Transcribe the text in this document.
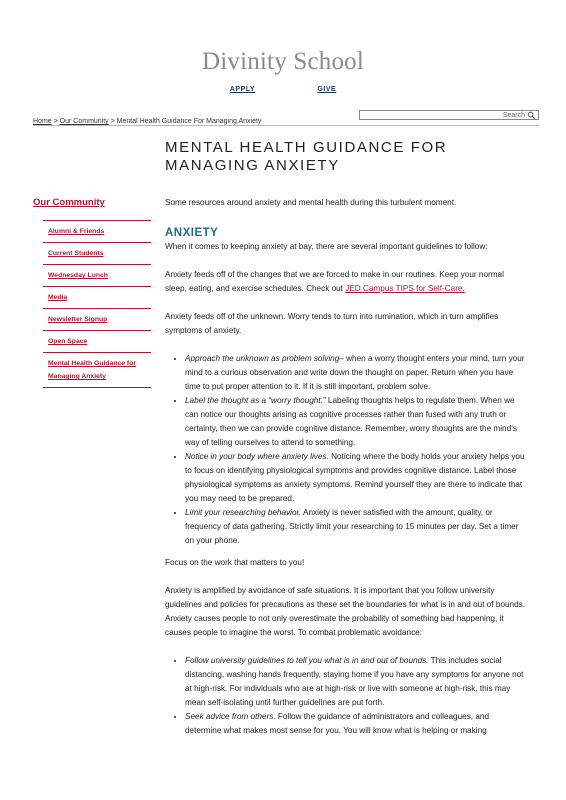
Divinity School
APPLY	GIVE
Search
Home > Our Community > Mental Health Guidance For Managing Anxiety
MENTAL HEALTH GUIDANCE FOR
MANAGING ANXIETY
Our Community
Alumni & Friends
Current Students
Wednesday Lunch
Media
Newsletter Signup
Open Space
Mental Health Guidance for Managing Anxiety

Some resources around anxiety and mental health during this turbulent moment.

ANXIETY

When it comes to keeping anxiety at bay, there are several important guidelines to follow:

Anxiety feeds off of the changes that we are forced to make in our routines. Keep your normal sleep, eating, and exercise schedules. Check out JED Campus TIPS for Self-Care.

Anxiety feeds off of the unknown. Worry tends to turn into rumination, which in turn amplifies symptoms of anxiety.

• Approach the unknown as problem solving– when a worry thought enters your mind, turn your mind to a curious observation and write down the thought on paper. Return when you have time to put proper attention to it. If it is still important, problem solve.
• Label the thought as a “worry thought.” Labeling thoughts helps to regulate them. When we can notice our thoughts arising as cognitive processes rather than fused with any truth or certainty, then we can provide cognitive distance. Remember, worry thoughts are the mind’s way of telling ourselves to attend to something.
• Notice in your body where anxiety lives. Noticing where the body holds your anxiety helps you to focus on identifying physiological symptoms and provides cognitive distance. Label those physiological symptoms as anxiety symptoms. Remind yourself they are there to indicate that you may need to be prepared.
• Limit your researching behavior. Anxiety is never satisfied with the amount, quality, or frequency of data gathering. Strictly limit your researching to 15 minutes per day. Set a timer on your phone.

Focus on the work that matters to you!

Anxiety is amplified by avoidance of safe situations. It is important that you follow university guidelines and policies for precautions as these set the boundaries for what is in and out of bounds. Anxiety causes people to not only overestimate the probability of something bad happening, it causes people to imagine the worst. To combat problematic avoidance:

• Follow university guidelines to tell you what is in and out of bounds. This includes social distancing, washing hands frequently, staying home if you have any symptoms for anyone not at high-risk. For individuals who are at high-risk or live with someone at high-risk, this may mean self-isolating until further guidelines are put forth.
• Seek advice from others. Follow the guidance of administrators and colleagues, and determine what makes most sense for you. You will know what is helping or making
